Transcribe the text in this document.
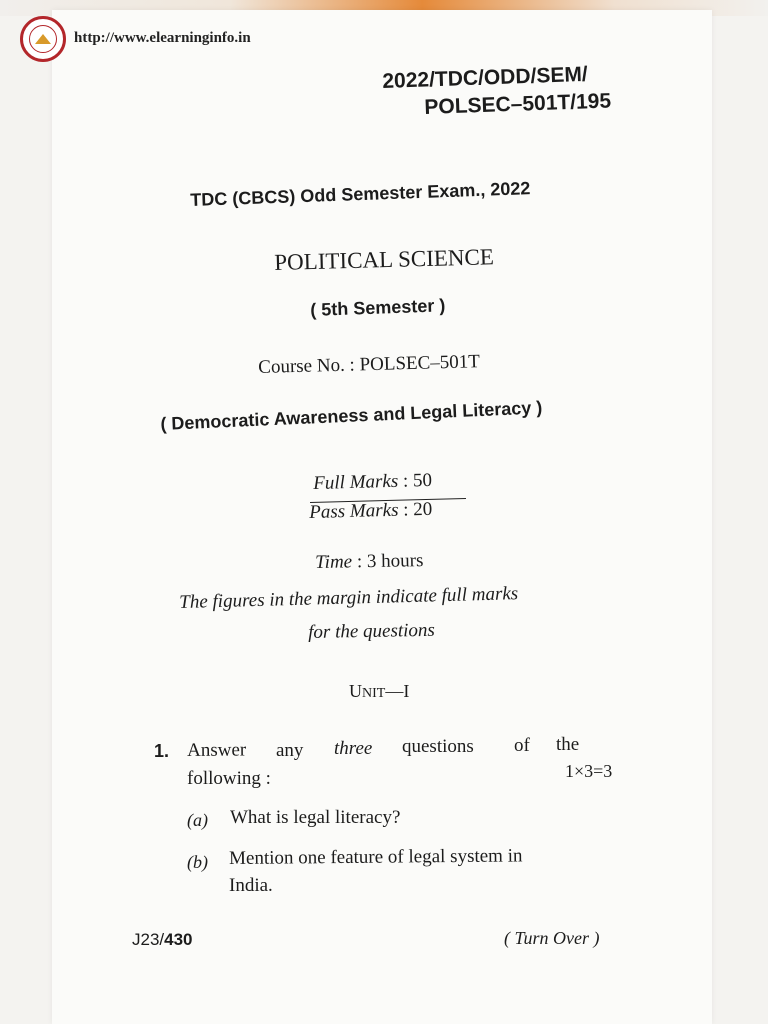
http://www.elearninginfo.in
2022/TDC/ODD/SEM/
POLSEC–501T/195
TDC (CBCS) Odd Semester Exam., 2022
POLITICAL SCIENCE
( 5th Semester )
Course No. : POLSEC–501T
( Democratic Awareness and Legal Literacy )
Full Marks : 50
Pass Marks : 20
Time : 3 hours
The figures in the margin indicate full marks
for the questions
UNIT—I
1. Answer any three questions of the
following :	1×3=3
(a) What is legal literacy?
(b) Mention one feature of legal system in
India.
J23/430	( Turn Over )
